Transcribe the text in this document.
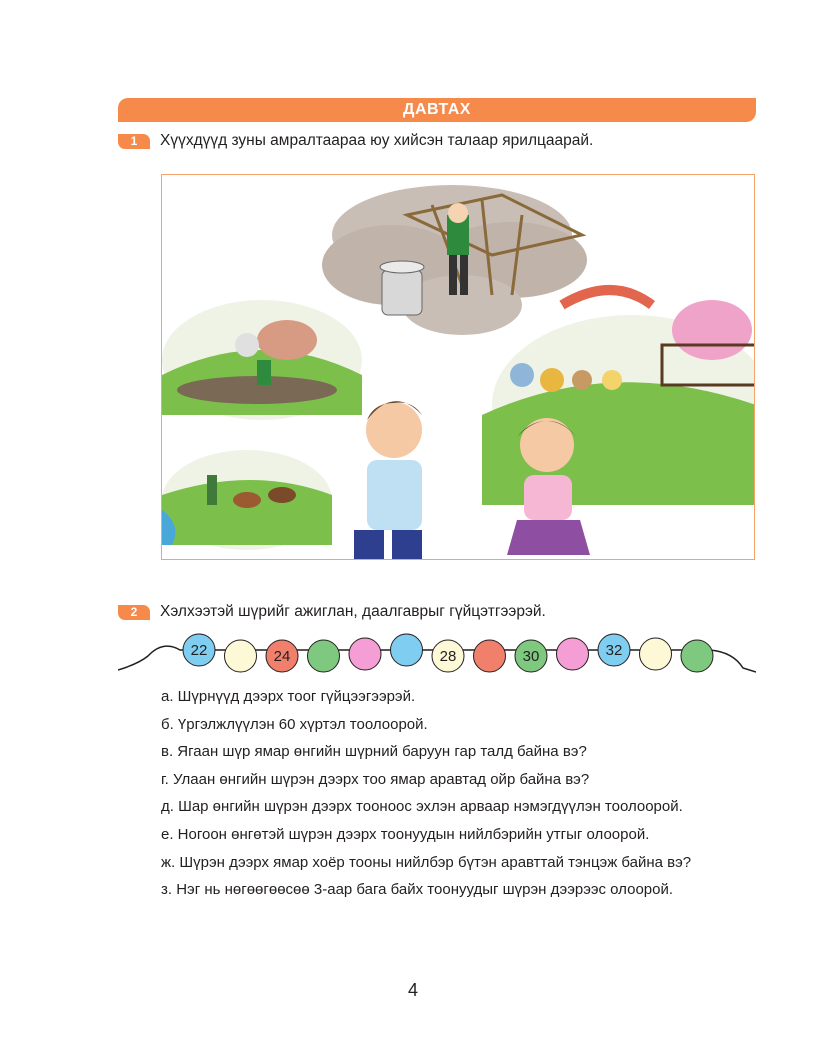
ДАВТАХ
1 Хүүхдүүд зуны амралтаараа юу хийсэн талаар ярилцаарай.
2 Хэлхээтэй шүрийг ажиглан, даалгаврыг гүйцэтгээрэй.
22	24	28	30	32
а. Шүрнүүд дээрх тоог гүйцээгээрэй.
б. Үргэлжлүүлэн 60 хүртэл тоолоорой.
в. Ягаан шүр ямар өнгийн шүрний баруун гар талд байна вэ?
г. Улаан өнгийн шүрэн дээрх тоо ямар аравтад ойр байна вэ?
д. Шар өнгийн шүрэн дээрх тооноос эхлэн арваар нэмэгдүүлэн тоолоорой.
е. Ногоон өнгөтэй шүрэн дээрх тоонуудын нийлбэрийн утгыг олоорой.
ж. Шүрэн дээрх ямар хоёр тооны нийлбэр бүтэн аравттай тэнцэж байна вэ?
з. Нэг нь нөгөөгөөсөө 3-аар бага байх тоонуудыг шүрэн дээрээс олоорой.
4
